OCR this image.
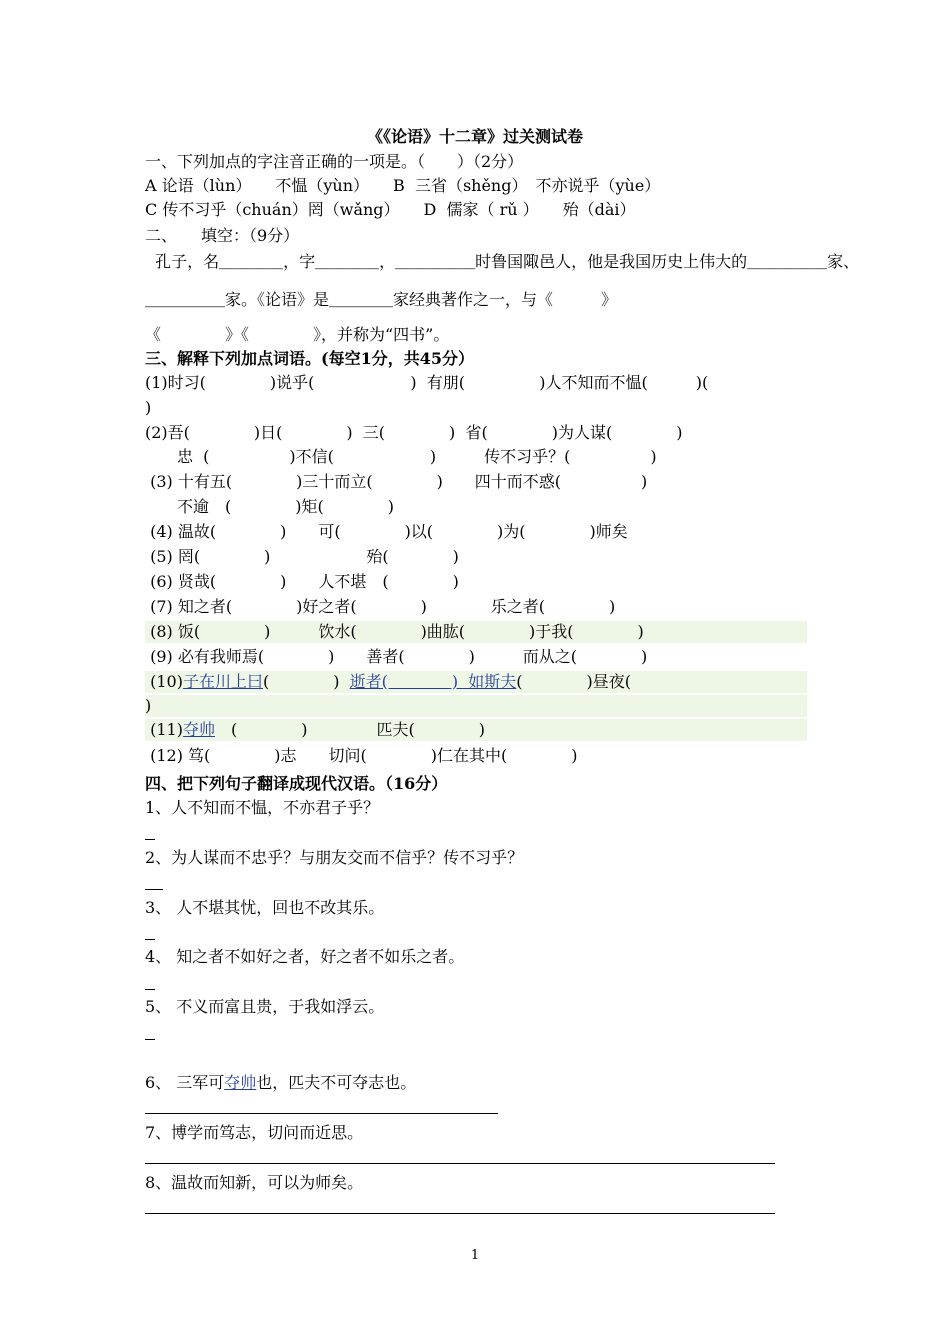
《《论语》十二章》过关测试卷
一、下列加点的字注音正确的一项是。（　　）（2分）
A 论语（lùn）　　不愠（yùn）　　B  三省（shěng）　不亦说乎（yùe）
C 传不习乎（chuán）罔（wǎng）　　D  儒家（ rǔ ）　　殆（dài）
二、　　填空：（9分）
孔子，名＿＿＿＿，字＿＿＿＿，＿＿＿＿＿时鲁国陬邑人，他是我国历史上伟大的＿＿＿＿＿家、
＿＿＿＿＿家。《论语》是＿＿＿＿家经典著作之一，与《　　　》
《　　　　》《　　　　》，并称为“四书”。
三、解释下列加点词语。(每空1分，共45分）
(1)时习(　　　　)说乎(　　　　　　)  有朋(　　　　  )人不知而不愠(　　　)(
)
(2)吾(　　　　)日(　　　　)  三(　　　　)  省(　　　　)为人谋(　　　　)
　　忠  (　　　　　)不信(　　　　　　)　　　传不习乎？(　　　　　)
(3) 十有五(　　　　)三十而立(　　　　)　　四十而不惑(　　　　　)
　　不逾　(　　　　)矩(　　　　)
(4) 温故(　　　　)　　可(　　　　)以(　　　　)为(　　　　)师矣
(5) 罔(　　　　)　　　　　　殆(　　　　)
(6) 贤哉(　　　　)　　人不堪　(　　　　)
(7) 知之者(　　　　)好之者(　　　　)　　　　乐之者(　　　　)
(8) 饭(　　　　)　　　饮水(　　　　)曲肱(　　　　)于我(　　　　)
(9) 必有我师焉(　　　　)　　善者(　　　　)　　　而从之(　　　　)
(10)子在川上曰(　　　　)  逝者(　　　　)  如斯夫(　　　　)昼夜(
)
(11)夺帅　(　　　　)　 　　　匹夫(　　　　)
(12) 笃(　　　　)志　　切问(　　　　)仁在其中(　　　　)
四、把下列句子翻译成现代汉语。（16分）
1、人不知而不愠，不亦君子乎？
2、为人谋而不忠乎？与朋友交而不信乎？传不习乎？
3、 人不堪其忧，回也不改其乐。
4、 知之者不如好之者，好之者不如乐之者。
5、 不义而富且贵，于我如浮云。
6、 三军可夺帅也，匹夫不可夺志也。
7、博学而笃志，切问而近思。
8、温故而知新，可以为师矣。
1
